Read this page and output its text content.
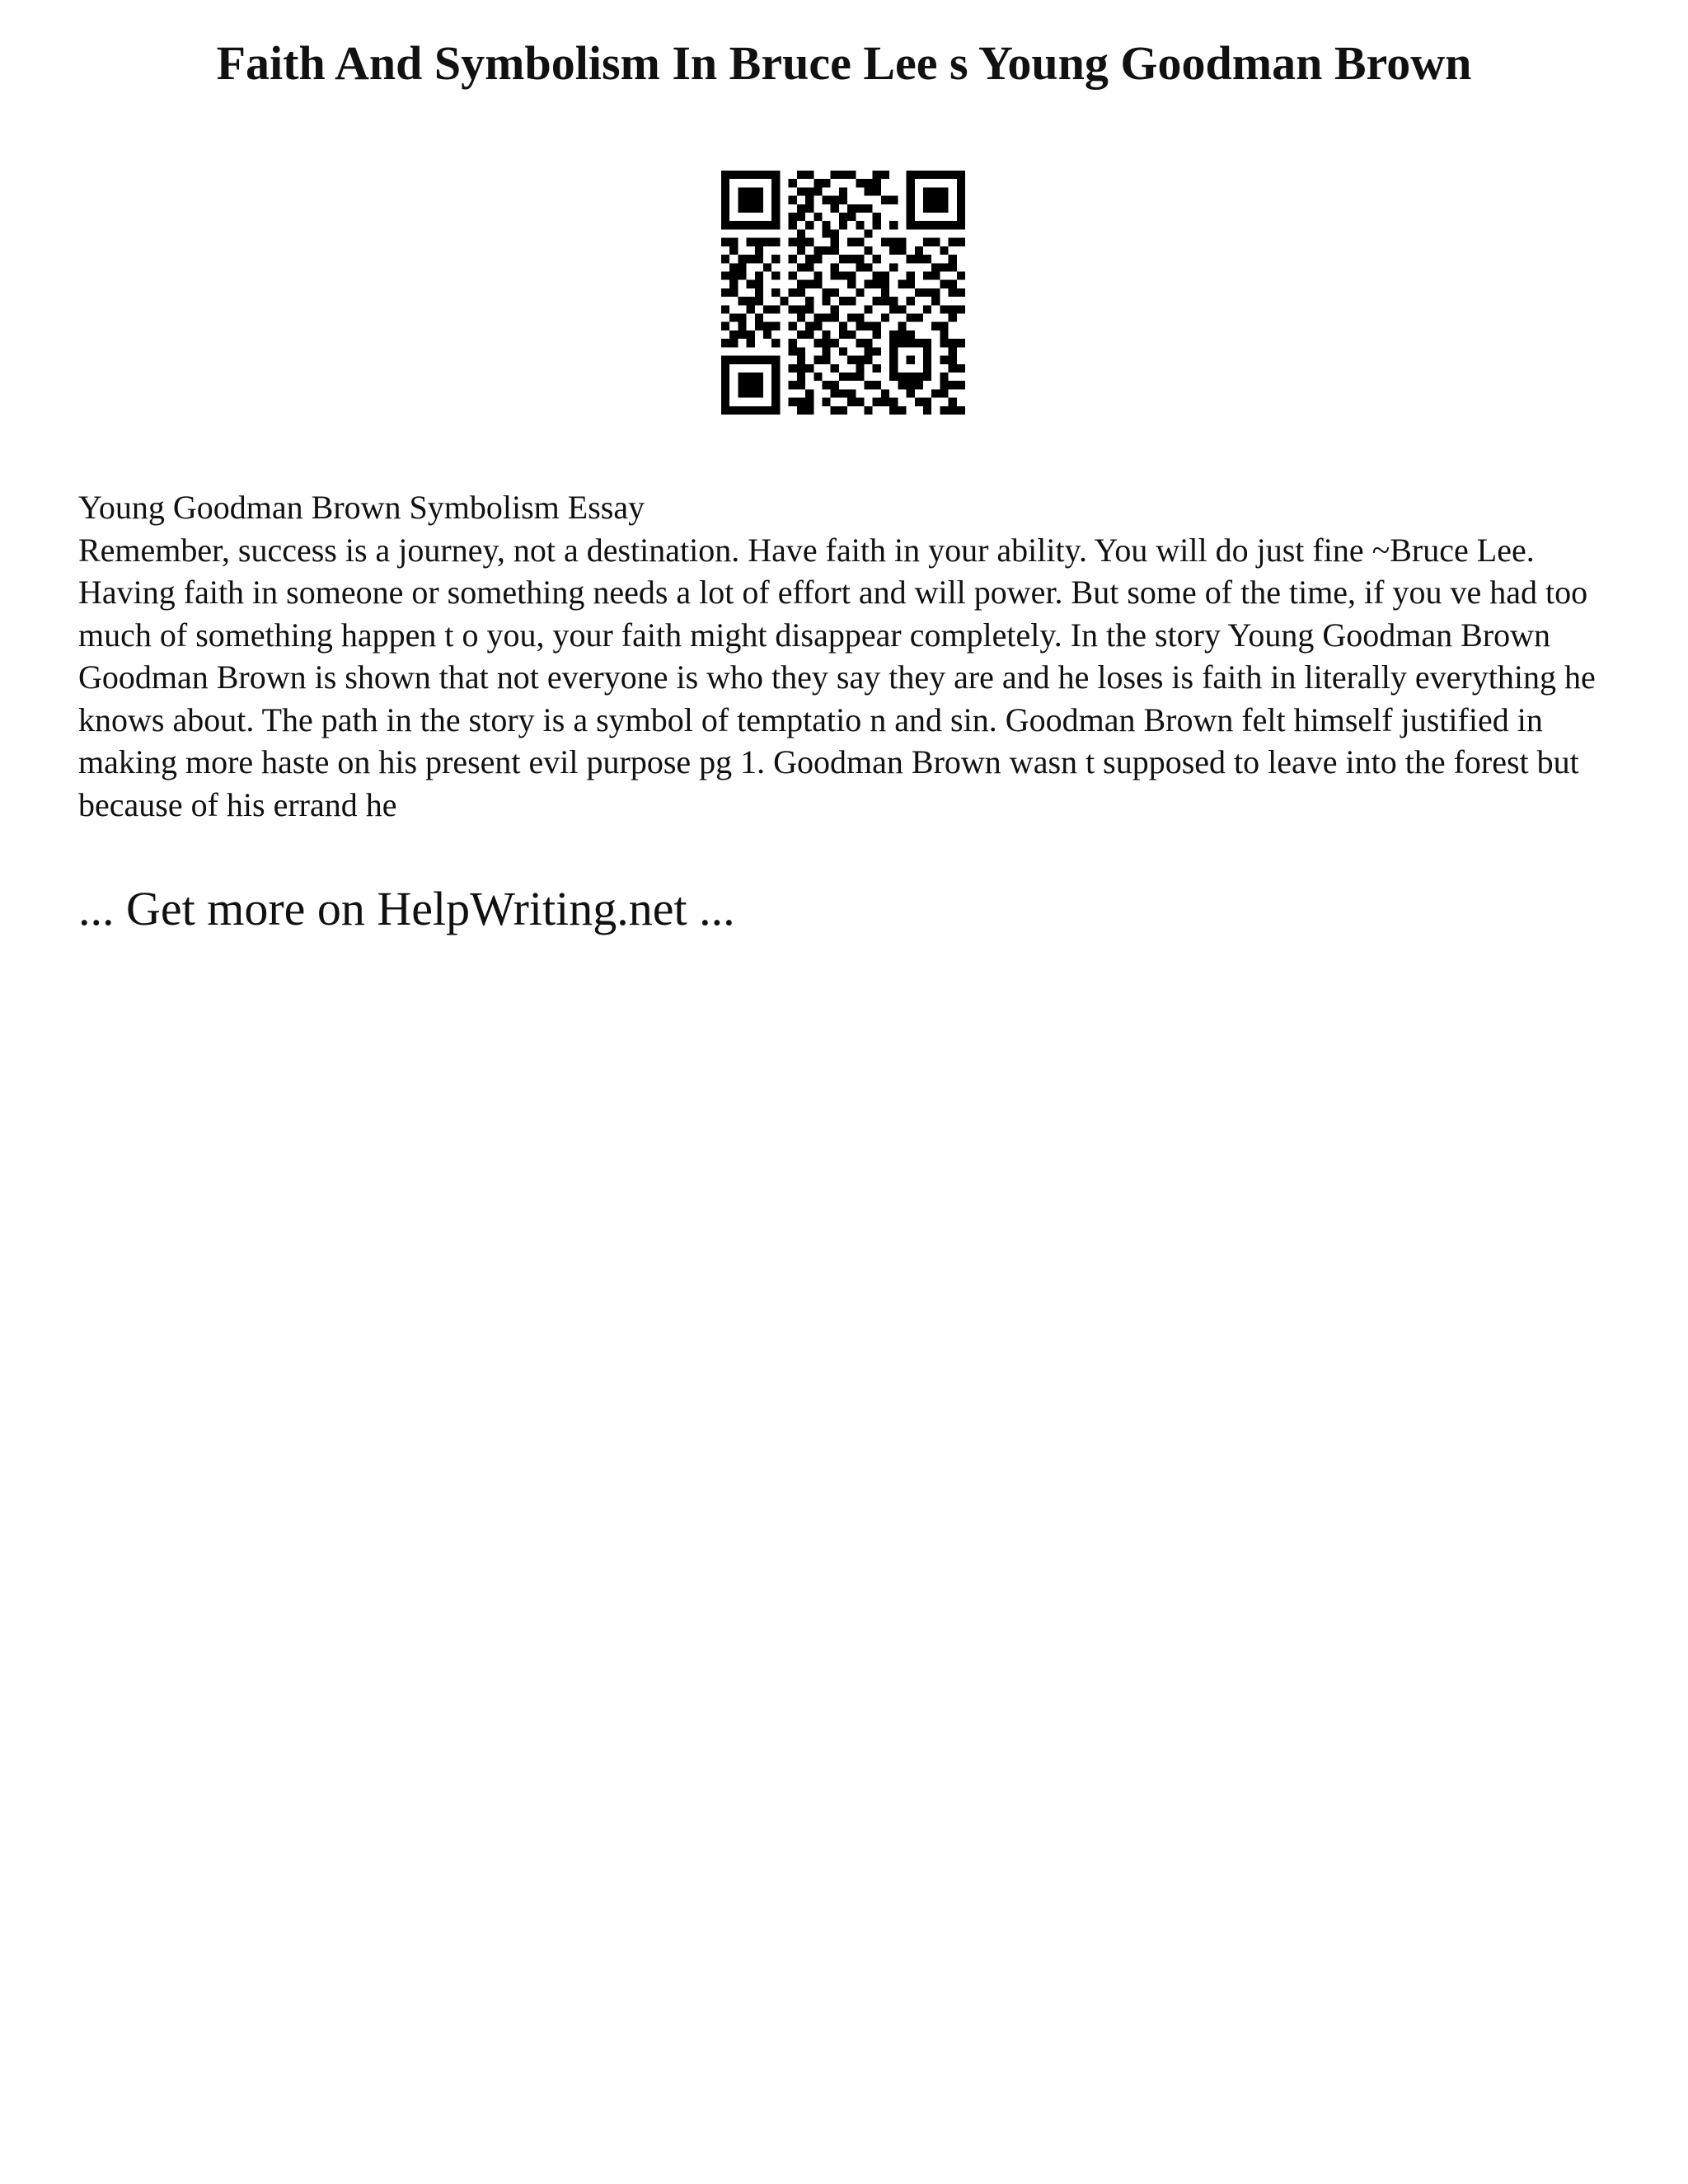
Faith And Symbolism In Bruce Lee s Young Goodman Brown

Young Goodman Brown Symbolism Essay

Remember, success is a journey, not a destination. Have faith in your ability. You will do just fine ~Bruce Lee. Having faith in someone or something needs a lot of effort and will power. But some of the time, if you ve had too much of something happen t o you, your faith might disappear completely. In the story Young Goodman Brown

Goodman Brown is shown that not everyone is who they say they are and he loses is faith in literally everything he knows about. The path in the story is a symbol of temptatio n and sin. Goodman Brown felt himself justified in making more haste on his present evil purpose pg 1. Goodman Brown wasn t supposed to leave into the forest but because of his errand he

... Get more on HelpWriting.net ...
